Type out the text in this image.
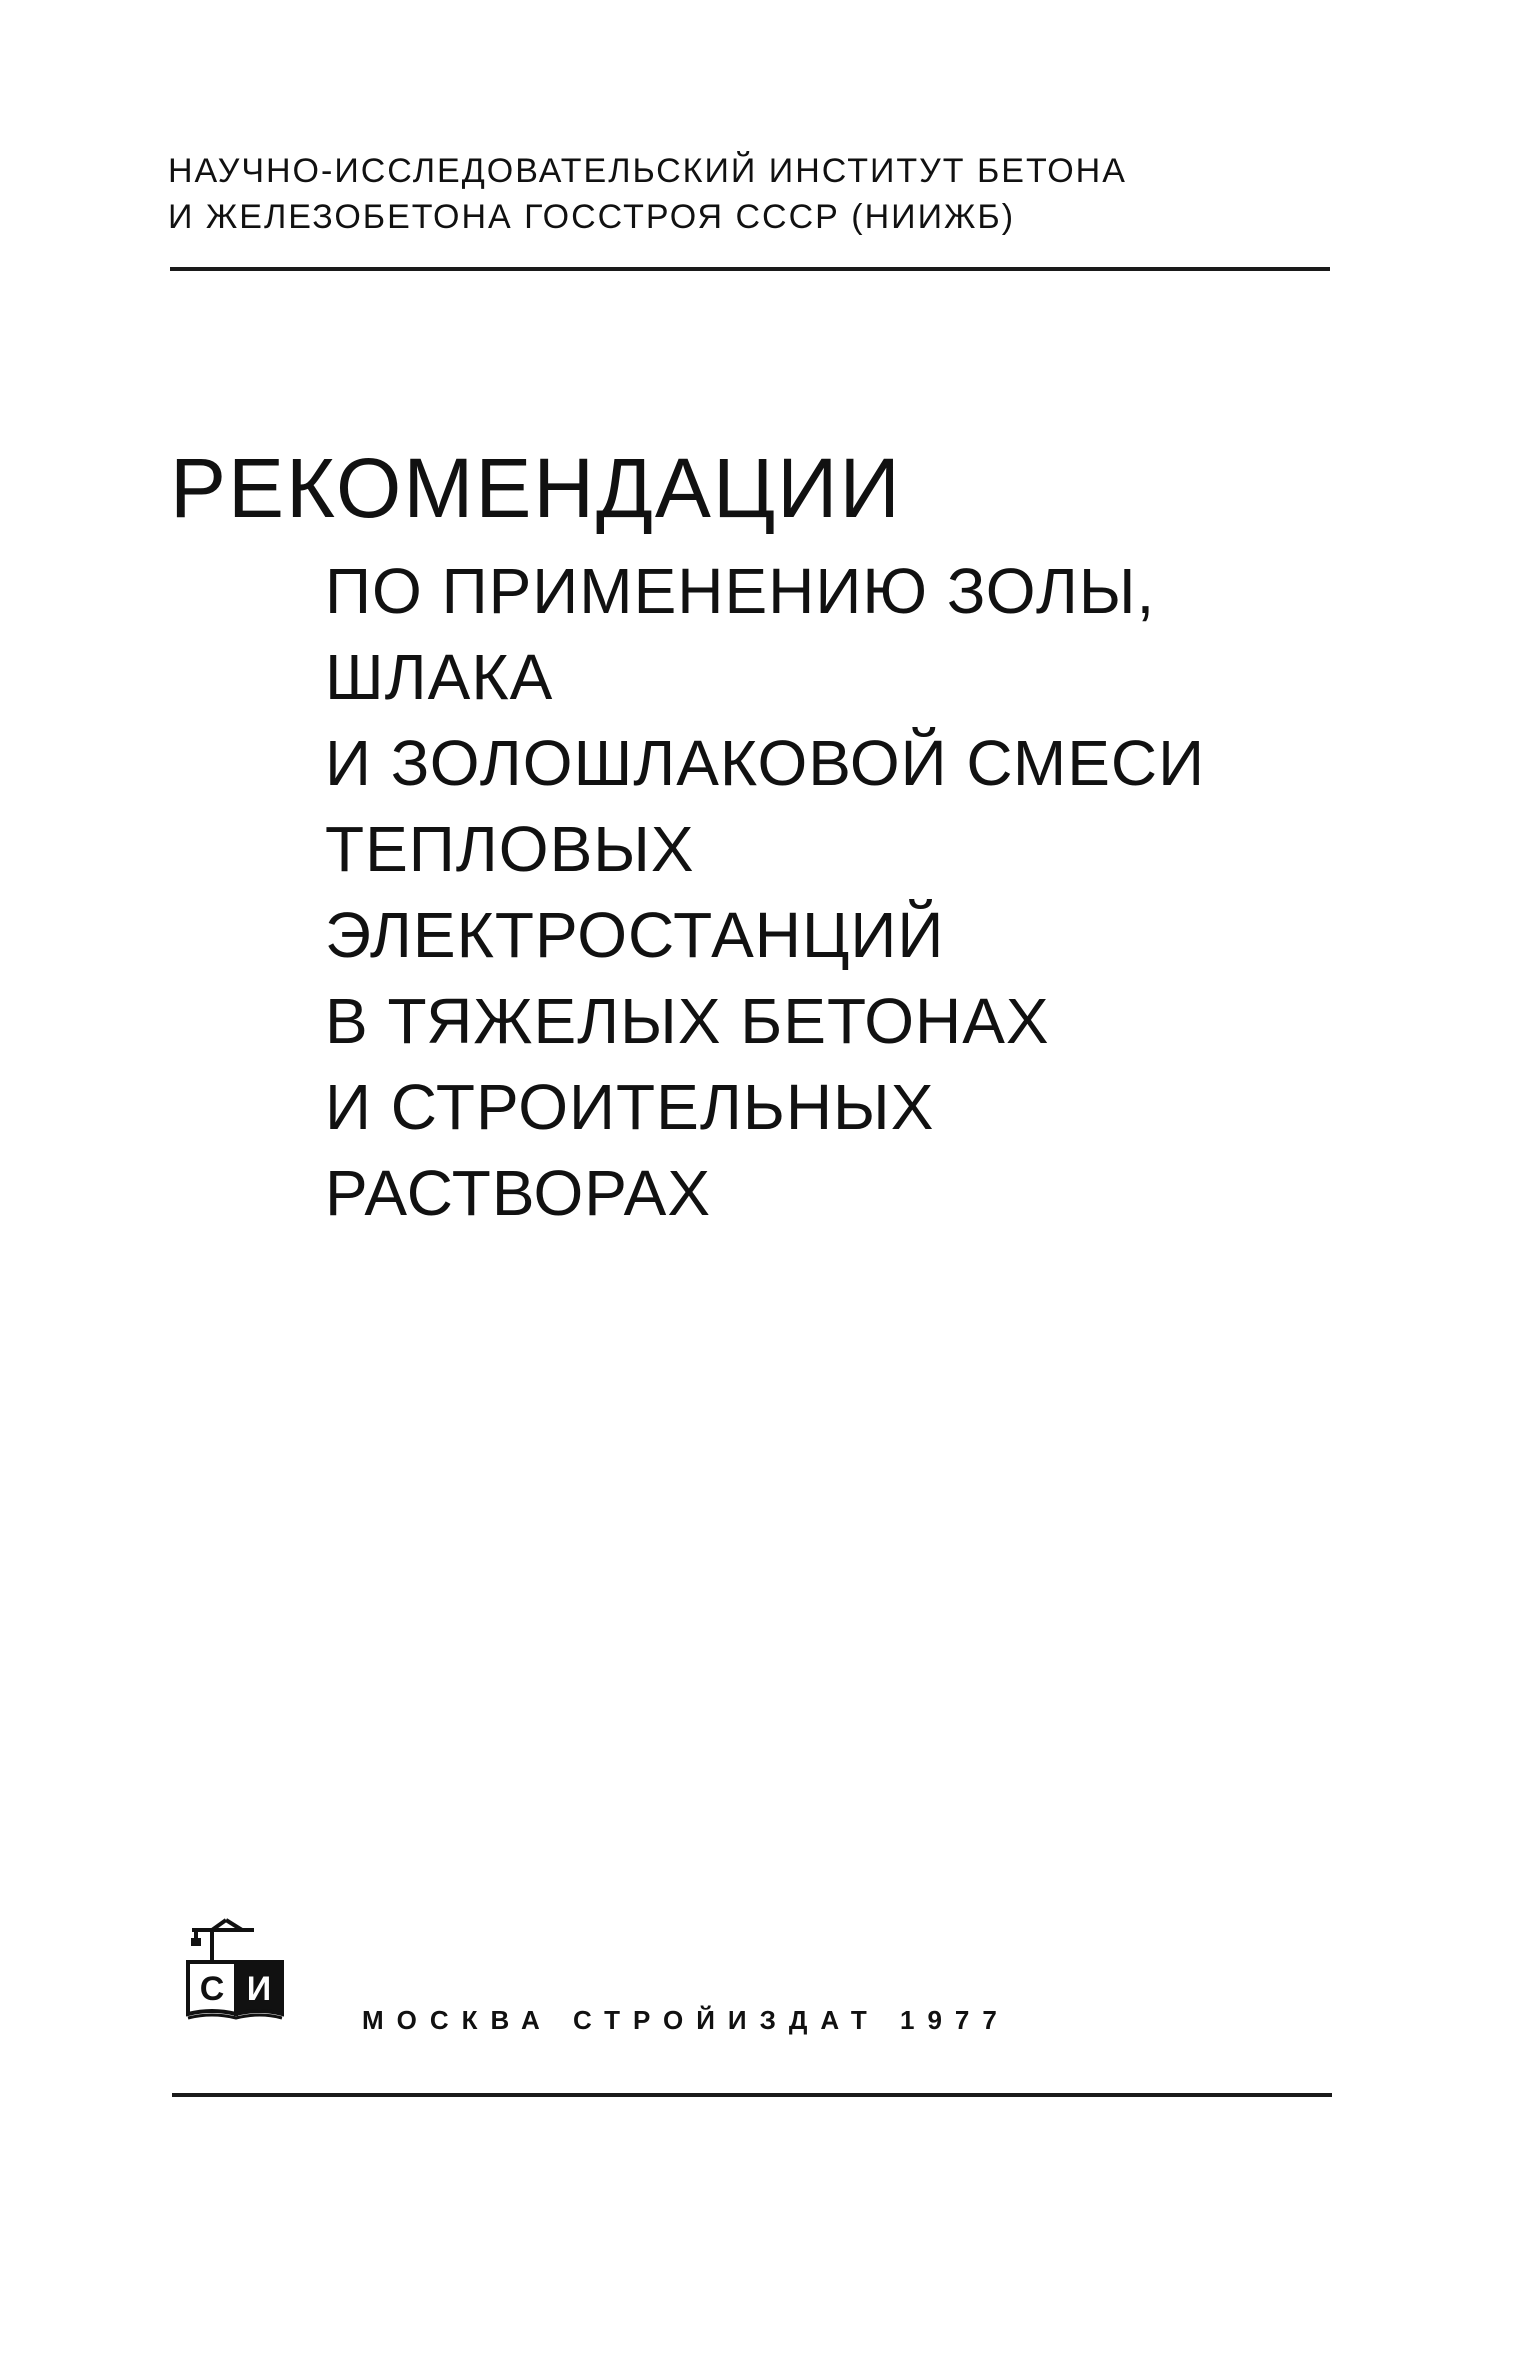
НАУЧНО-ИССЛЕДОВАТЕЛЬСКИЙ ИНСТИТУТ БЕТОНА
И ЖЕЛЕЗОБЕТОНА ГОССТРОЯ СССР (НИИЖБ)
РЕКОМЕНДАЦИИ
ПО ПРИМЕНЕНИЮ ЗОЛЫ,
ШЛАКА
И ЗОЛОШЛАКОВОЙ СМЕСИ
ТЕПЛОВЫХ
ЭЛЕКТРОСТАНЦИЙ
В ТЯЖЕЛЫХ БЕТОНАХ
И СТРОИТЕЛЬНЫХ
РАСТВОРАХ
С И
МОСКВА СТРОЙИЗДАТ 1977
